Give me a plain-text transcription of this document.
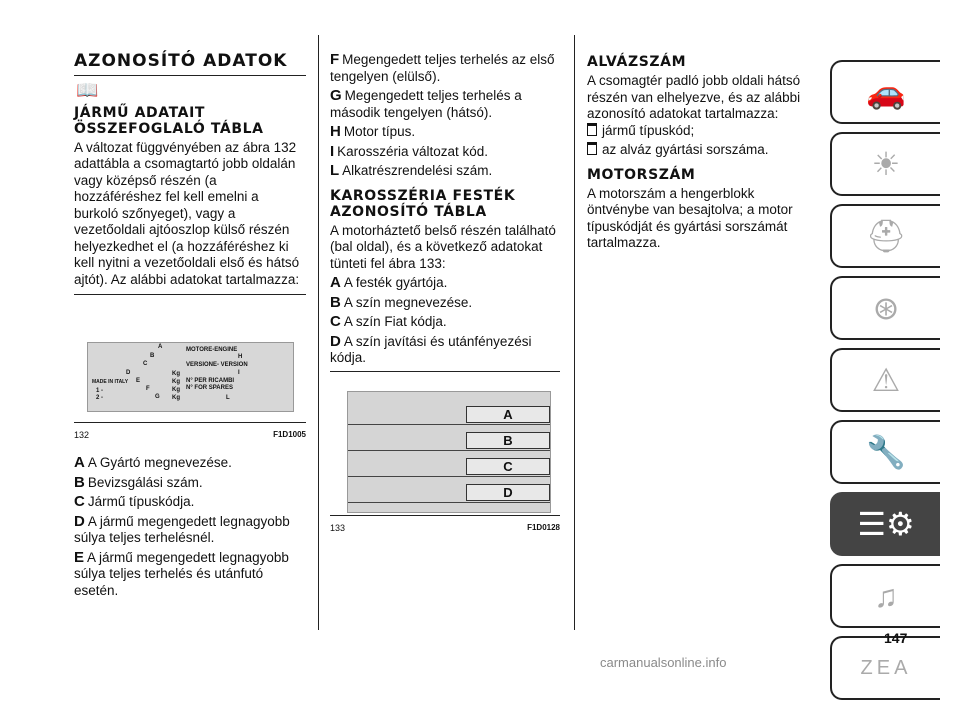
AZONOSÍTÓ ADATOK
📖
JÁRMŰ ADATAIT ÖSSZEFOGLALÓ TÁBLA

A változat függvényében az ábra 132 adattábla a csomagtartó jobb oldalán vagy középső részén (a hozzáféréshez fel kell emelni a burkoló szőnyeget), vagy a vezetőoldali ajtóoszlop külső részén helyezkedhet el (a hozzáféréshez ki kell nyitni a vezetőoldali első és hátsó ajtót). Az alábbi adatokat tartalmazza:

MADE IN ITALY
A
B
C
D
E
F
G
1 -
2 -
Kg
Kg
Kg
Kg
MOTORE-ENGINE
H
VERSIONE- VERSION
I
N° PER RICAMBI
N° FOR SPARES
L
132	F1D1005

A A Gyártó megnevezése.

B Bevizsgálási szám.

C Jármű típuskódja.

D A jármű megengedett legnagyobb súlya teljes terhelésnél.

E A jármű megengedett legnagyobb súlya teljes terhelés és utánfutó esetén.

F Megengedett teljes terhelés az első tengelyen (elülső).

G Megengedett teljes terhelés a második tengelyen (hátsó).

H Motor típus.

I Karosszéria változat kód.

L Alkatrészrendelési szám.

KAROSSZÉRIA FESTÉK AZONOSÍTÓ TÁBLA

A motorháztető belső részén található (bal oldal), és a következő adatokat tünteti fel ábra 133:

A A festék gyártója.

B A szín megnevezése.

C A szín Fiat kódja.

D A szín javítási és utánfényezési kódja.

A
B
C
D
133	F1D0128
ALVÁZSZÁM

A csomagtér padló jobb oldali hátsó részén van elhelyezve, és az alábbi azonosító adatokat tartalmazza:

jármű típuskód;

az alváz gyártási sorszáma.

MOTORSZÁM

A motorszám a hengerblokk öntvénybe van besajtolva; a motor típuskódját és gyártási sorszámát tartalmazza.

🚗
☀
⛑
⊛
⚠
🔧
☰⚙
♫
ZEA
147
carmanualsonline.info
